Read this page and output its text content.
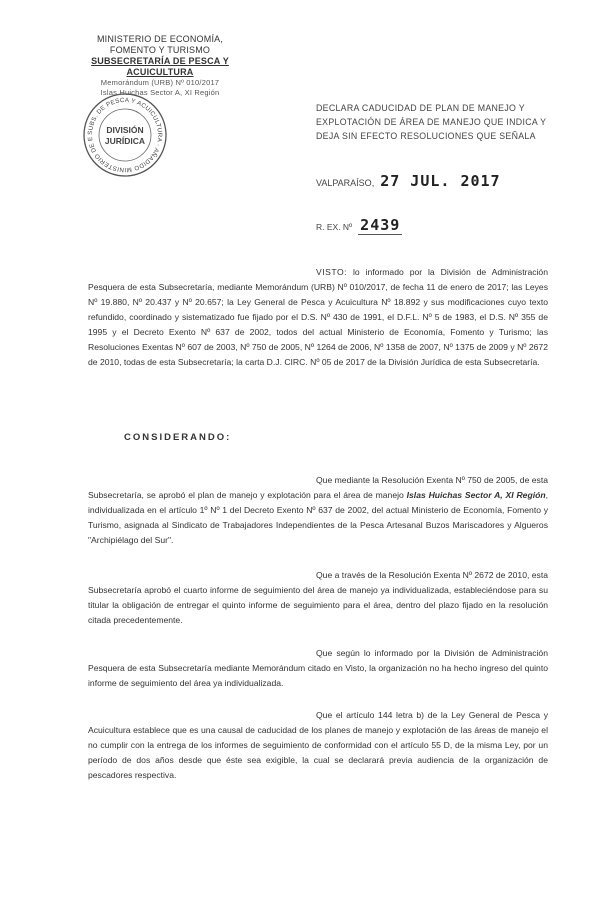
MINISTERIO DE ECONOMÍA,
FOMENTO Y TURISMO
SUBSECRETARÍA DE PESCA Y ACUICULTURA
Memorándum (URB) Nº 010/2017
Islas Huichas Sector A, XI Región
SUBS. DE PESCA Y ACUICULTURA · AÑADIDO MINISTERIO DE E
DIVISIÓN
JURÍDICA
DECLARA CADUCIDAD DE PLAN DE MANEJO Y EXPLOTACIÓN DE ÁREA DE MANEJO QUE INDICA Y DEJA SIN EFECTO RESOLUCIONES QUE SEÑALA
VALPARAÍSO, 27 JUL. 2017
R. EX. Nº 2439
VISTO: lo informado por la División de Administración Pesquera de esta Subsecretaría, mediante Memorándum (URB) Nº 010/2017, de fecha 11 de enero de 2017; las Leyes Nº 19.880, Nº 20.437 y Nº 20.657; la Ley General de Pesca y Acuicultura Nº 18.892 y sus modificaciones cuyo texto refundido, coordinado y sistematizado fue fijado por el D.S. Nº 430 de 1991, el D.F.L. Nº 5 de 1983, el D.S. Nº 355 de 1995 y el Decreto Exento Nº 637 de 2002, todos del actual Ministerio de Economía, Fomento y Turismo; las Resoluciones Exentas Nº 607 de 2003, Nº 750 de 2005, Nº 1264 de 2006, Nº 1358 de 2007, Nº 1375 de 2009 y Nº 2672 de 2010, todas de esta Subsecretaría; la carta D.J. CIRC. Nº 05 de 2017 de la División Jurídica de esta Subsecretaría.
CONSIDERANDO:
Que mediante la Resolución Exenta Nº 750 de 2005, de esta Subsecretaría, se aprobó el plan de manejo y explotación para el área de manejo Islas Huichas Sector A, XI Región, individualizada en el artículo 1º Nº 1 del Decreto Exento Nº 637 de 2002, del actual Ministerio de Economía, Fomento y Turismo, asignada al Sindicato de Trabajadores Independientes de la Pesca Artesanal Buzos Mariscadores y Algueros "Archipiélago del Sur".
Que a través de la Resolución Exenta Nº 2672 de 2010, esta Subsecretaría aprobó el cuarto informe de seguimiento del área de manejo ya individualizada, estableciéndose para su titular la obligación de entregar el quinto informe de seguimiento para el área, dentro del plazo fijado en la resolución citada precedentemente.
Que según lo informado por la División de Administración Pesquera de esta Subsecretaría mediante Memorándum citado en Visto, la organización no ha hecho ingreso del quinto informe de seguimiento del área ya individualizada.
Que el artículo 144 letra b) de la Ley General de Pesca y Acuicultura establece que es una causal de caducidad de los planes de manejo y explotación de las áreas de manejo el no cumplir con la entrega de los informes de seguimiento de conformidad con el artículo 55 D, de la misma Ley, por un período de dos años desde que éste sea exigible, la cual se declarará previa audiencia de la organización de pescadores respectiva.
